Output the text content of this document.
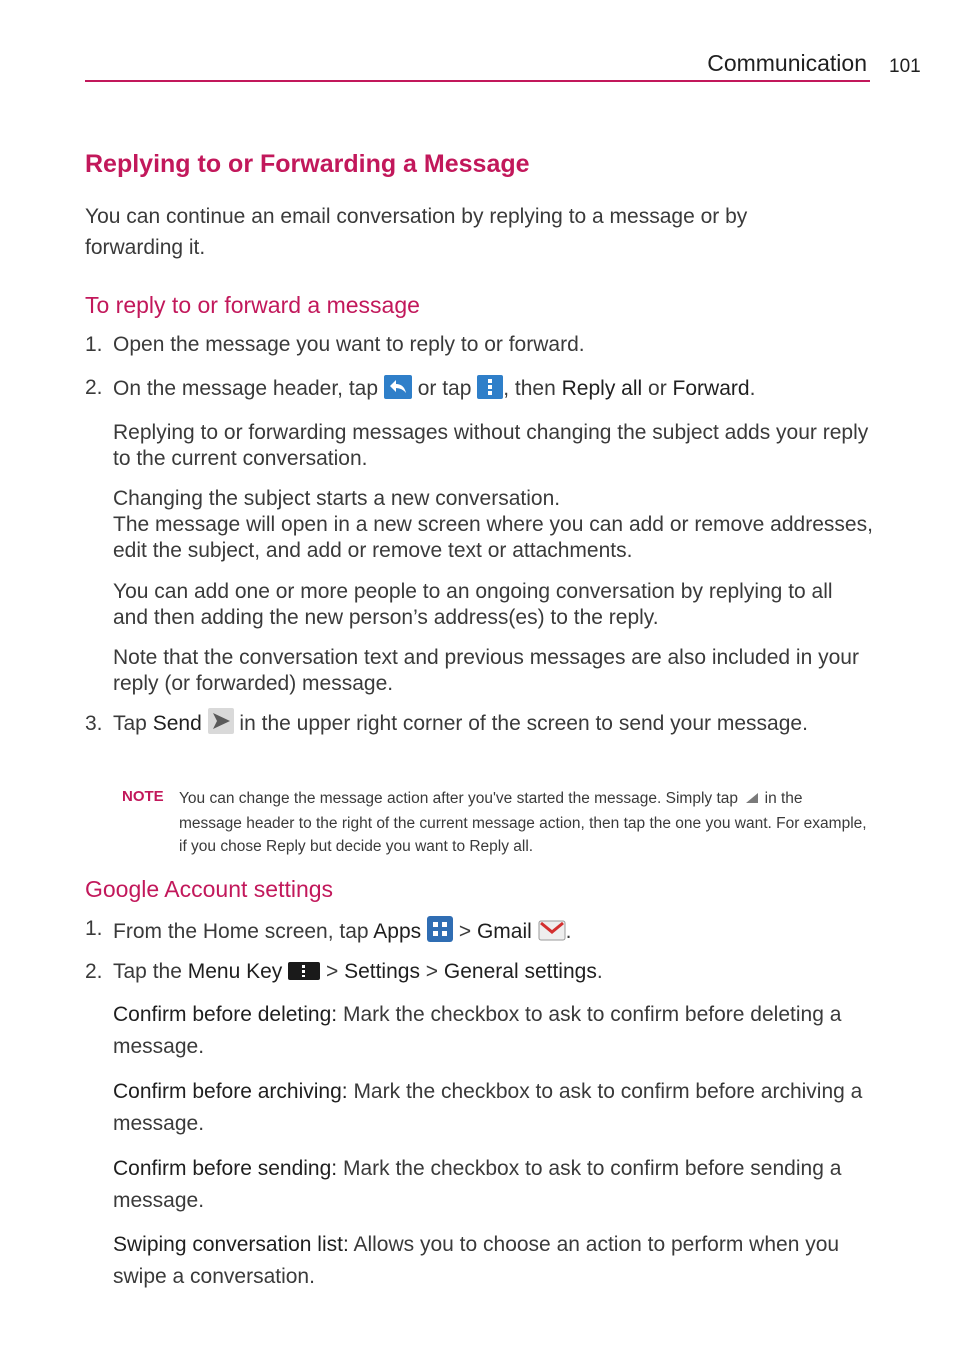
Communication 101
Replying to or Forwarding a Message

You can continue an email conversation by replying to a message or by forwarding it.

To reply to or forward a message
1. Open the message you want to reply to or forward.
2. On the message header, tap  or tap , then Reply all or Forward.

Replying to or forwarding messages without changing the subject adds your reply to the current conversation.

Changing the subject starts a new conversation.

The message will open in a new screen where you can add or remove addresses, edit the subject, and add or remove text or attachments.

You can add one or more people to an ongoing conversation by replying to all and then adding the new person’s address(es) to the reply.

Note that the conversation text and previous messages are also included in your reply (or forwarded) message.

3. Tap Send  in the upper right corner of the screen to send your message.
NOTE You can change the message action after you've started the message. Simply tap  in the message header to the right of the current message action, then tap the one you want. For example, if you chose Reply but decide you want to Reply all.
Google Account settings
1. From the Home screen, tap Apps  > Gmail .
2. Tap the Menu Key  > Settings > General settings.

Confirm before deleting: Mark the checkbox to ask to confirm before deleting a message.

Confirm before archiving: Mark the checkbox to ask to confirm before archiving a message.

Confirm before sending: Mark the checkbox to ask to confirm before sending a message.

Swiping conversation list: Allows you to choose an action to perform when you swipe a conversation.
